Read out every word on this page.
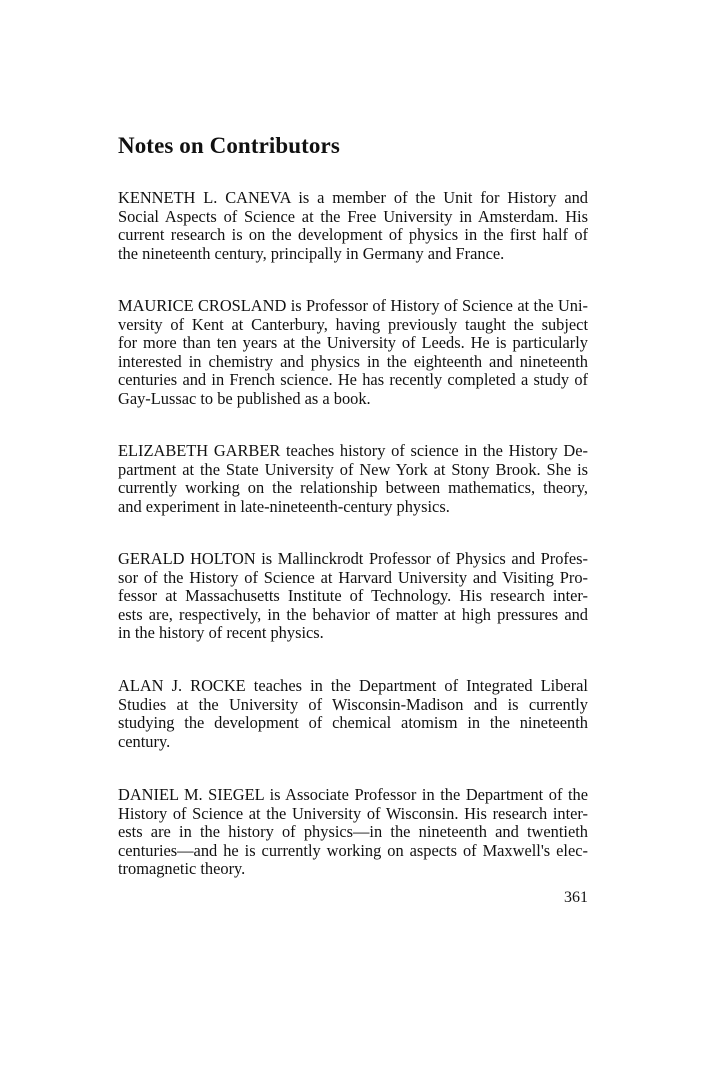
Notes on Contributors

KENNETH L. CANEVA is a member of the Unit for History and
Social Aspects of Science at the Free University in Amsterdam. His
current research is on the development of physics in the first half of
the nineteenth century, principally in Germany and France.

MAURICE CROSLAND is Professor of History of Science at the Uni-
versity of Kent at Canterbury, having previously taught the subject
for more than ten years at the University of Leeds. He is particularly
interested in chemistry and physics in the eighteenth and nineteenth
centuries and in French science. He has recently completed a study of
Gay-Lussac to be published as a book.

ELIZABETH GARBER teaches history of science in the History De-
partment at the State University of New York at Stony Brook. She is
currently working on the relationship between mathematics, theory,
and experiment in late-nineteenth-century physics.

GERALD HOLTON is Mallinckrodt Professor of Physics and Profes-
sor of the History of Science at Harvard University and Visiting Pro-
fessor at Massachusetts Institute of Technology. His research inter-
ests are, respectively, in the behavior of matter at high pressures and
in the history of recent physics.

ALAN J. ROCKE teaches in the Department of Integrated Liberal
Studies at the University of Wisconsin-Madison and is currently
studying the development of chemical atomism in the nineteenth
century.

DANIEL M. SIEGEL is Associate Professor in the Department of the
History of Science at the University of Wisconsin. His research inter-
ests are in the history of physics—in the nineteenth and twentieth
centuries—and he is currently working on aspects of Maxwell's elec-
tromagnetic theory.

361
